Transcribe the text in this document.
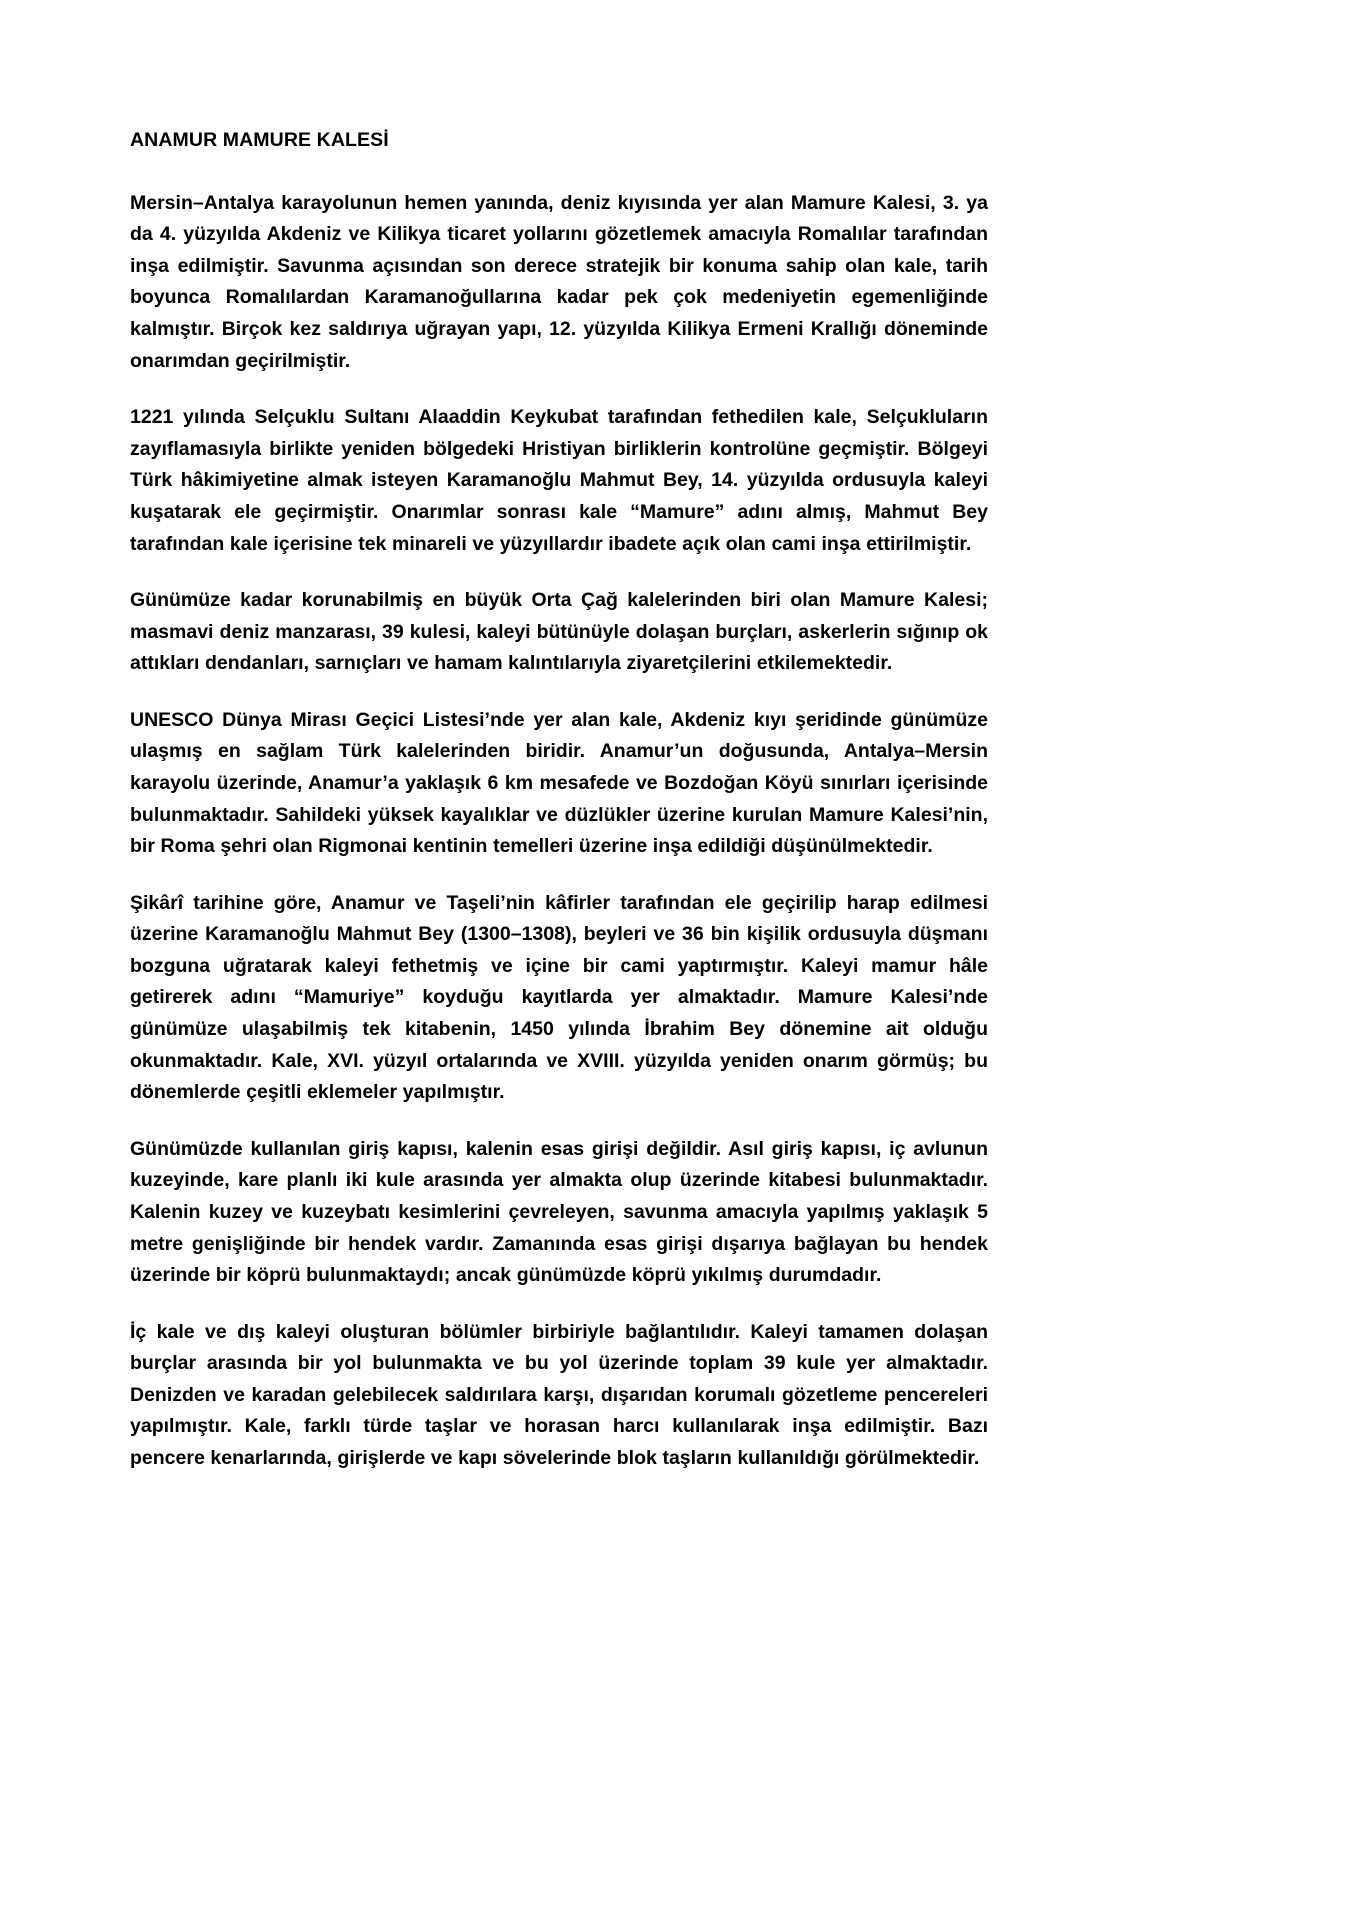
ANAMUR MAMURE KALESİ

Mersin–Antalya karayolunun hemen yanında, deniz kıyısında yer alan Mamure Kalesi, 3. ya da 4. yüzyılda Akdeniz ve Kilikya ticaret yollarını gözetlemek amacıyla Romalılar tarafından inşa edilmiştir. Savunma açısından son derece stratejik bir konuma sahip olan kale, tarih boyunca Romalılardan Karamanoğullarına kadar pek çok medeniyetin egemenliğinde kalmıştır. Birçok kez saldırıya uğrayan yapı, 12. yüzyılda Kilikya Ermeni Krallığı döneminde onarımdan geçirilmiştir.

1221 yılında Selçuklu Sultanı Alaaddin Keykubat tarafından fethedilen kale, Selçukluların zayıflamasıyla birlikte yeniden bölgedeki Hristiyan birliklerin kontrolüne geçmiştir. Bölgeyi Türk hâkimiyetine almak isteyen Karamanoğlu Mahmut Bey, 14. yüzyılda ordusuyla kaleyi kuşatarak ele geçirmiştir. Onarımlar sonrası kale “Mamure” adını almış, Mahmut Bey tarafından kale içerisine tek minareli ve yüzyıllardır ibadete açık olan cami inşa ettirilmiştir.

Günümüze kadar korunabilmiş en büyük Orta Çağ kalelerinden biri olan Mamure Kalesi; masmavi deniz manzarası, 39 kulesi, kaleyi bütünüyle dolaşan burçları, askerlerin sığınıp ok attıkları dendanları, sarnıçları ve hamam kalıntılarıyla ziyaretçilerini etkilemektedir.

UNESCO Dünya Mirası Geçici Listesi’nde yer alan kale, Akdeniz kıyı şeridinde günümüze ulaşmış en sağlam Türk kalelerinden biridir. Anamur’un doğusunda, Antalya–Mersin karayolu üzerinde, Anamur’a yaklaşık 6 km mesafede ve Bozdoğan Köyü sınırları içerisinde bulunmaktadır. Sahildeki yüksek kayalıklar ve düzlükler üzerine kurulan Mamure Kalesi’nin, bir Roma şehri olan Rigmonai kentinin temelleri üzerine inşa edildiği düşünülmektedir.

Şikârî tarihine göre, Anamur ve Taşeli’nin kâfirler tarafından ele geçirilip harap edilmesi üzerine Karamanoğlu Mahmut Bey (1300–1308), beyleri ve 36 bin kişilik ordusuyla düşmanı bozguna uğratarak kaleyi fethetmiş ve içine bir cami yaptırmıştır. Kaleyi mamur hâle getirerek adını “Mamuriye” koyduğu kayıtlarda yer almaktadır. Mamure Kalesi’nde günümüze ulaşabilmiş tek kitabenin, 1450 yılında İbrahim Bey dönemine ait olduğu okunmaktadır. Kale, XVI. yüzyıl ortalarında ve XVIII. yüzyılda yeniden onarım görmüş; bu dönemlerde çeşitli eklemeler yapılmıştır.

Günümüzde kullanılan giriş kapısı, kalenin esas girişi değildir. Asıl giriş kapısı, iç avlunun kuzeyinde, kare planlı iki kule arasında yer almakta olup üzerinde kitabesi bulunmaktadır. Kalenin kuzey ve kuzeybatı kesimlerini çevreleyen, savunma amacıyla yapılmış yaklaşık 5 metre genişliğinde bir hendek vardır. Zamanında esas girişi dışarıya bağlayan bu hendek üzerinde bir köprü bulunmaktaydı; ancak günümüzde köprü yıkılmış durumdadır.

İç kale ve dış kaleyi oluşturan bölümler birbiriyle bağlantılıdır. Kaleyi tamamen dolaşan burçlar arasında bir yol bulunmakta ve bu yol üzerinde toplam 39 kule yer almaktadır. Denizden ve karadan gelebilecek saldırılara karşı, dışarıdan korumalı gözetleme pencereleri yapılmıştır. Kale, farklı türde taşlar ve horasan harcı kullanılarak inşa edilmiştir. Bazı pencere kenarlarında, girişlerde ve kapı sövelerinde blok taşların kullanıldığı görülmektedir.
